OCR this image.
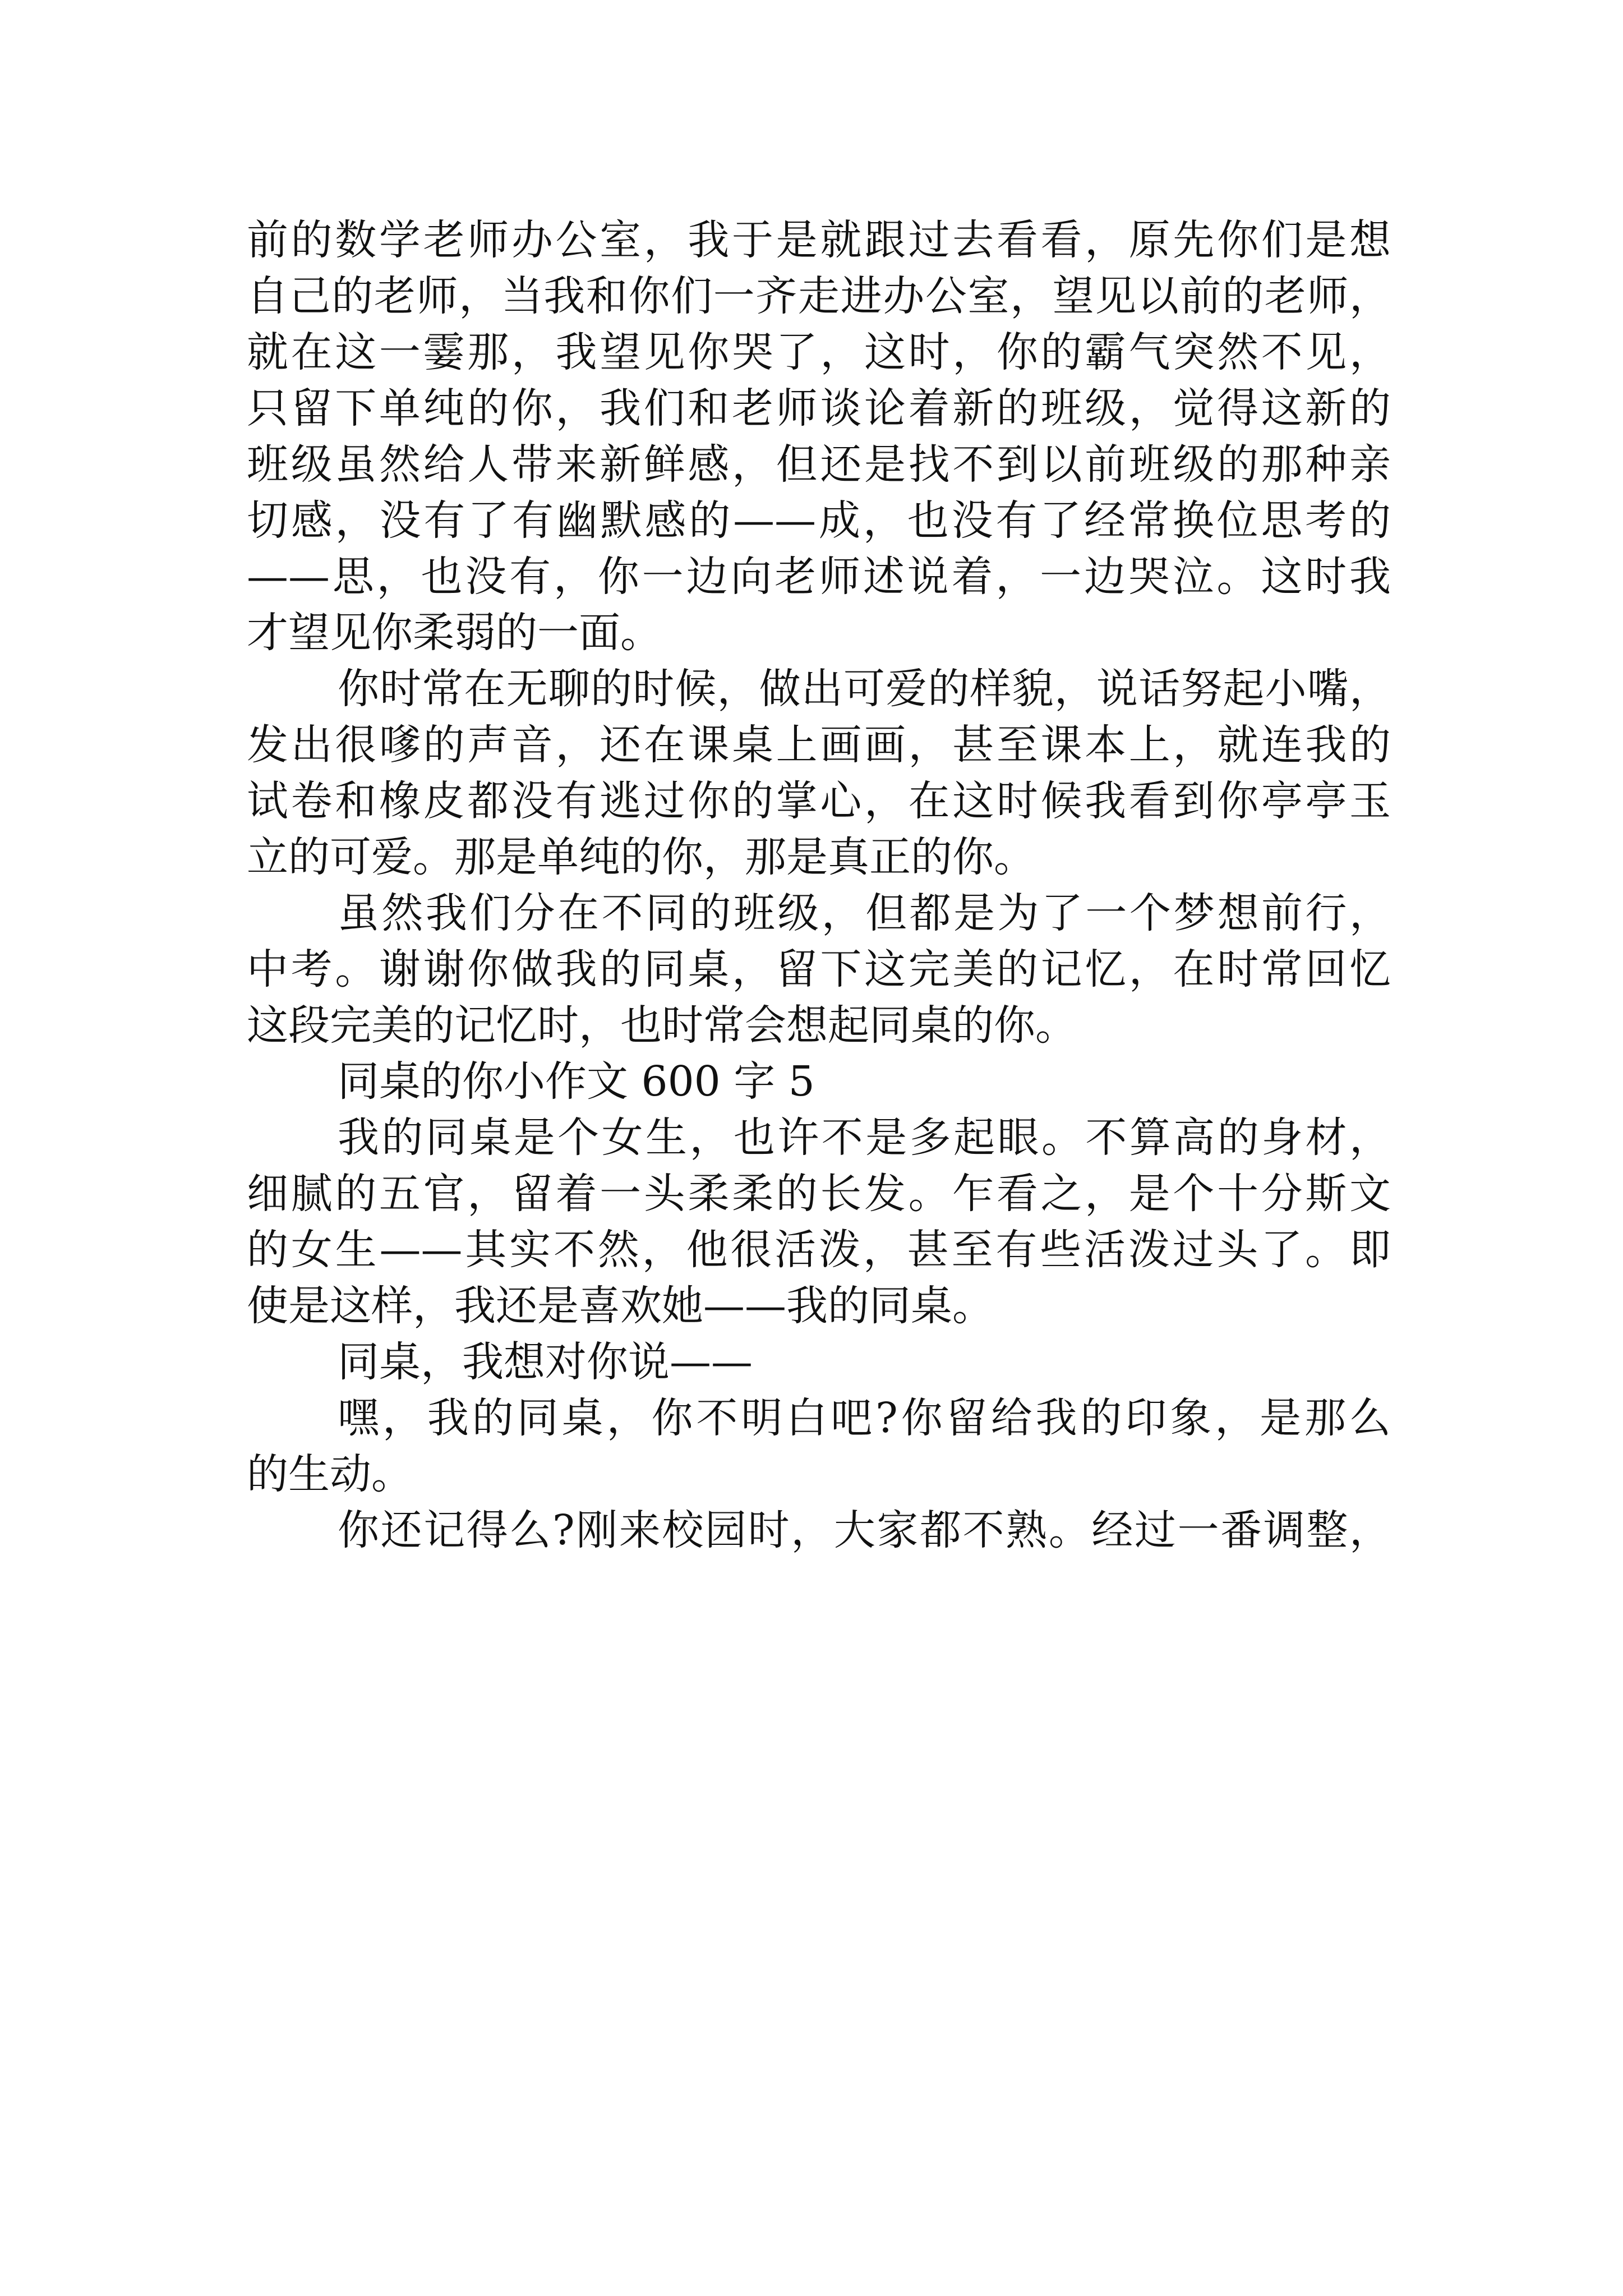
前的数学老师办公室，我于是就跟过去看看，原先你们是想
自己的老师，当我和你们一齐走进办公室，望见以前的老师，
就在这一霎那，我望见你哭了，这时，你的霸气突然不见，
只留下单纯的你，我们和老师谈论着新的班级，觉得这新的
班级虽然给人带来新鲜感，但还是找不到以前班级的那种亲
切感，没有了有幽默感的——成，也没有了经常换位思考的
——思，也没有，你一边向老师述说着，一边哭泣。这时我
才望见你柔弱的一面。
你时常在无聊的时候，做出可爱的样貌，说话努起小嘴，
发出很嗲的声音，还在课桌上画画，甚至课本上，就连我的
试卷和橡皮都没有逃过你的掌心，在这时候我看到你亭亭玉
立的可爱。那是单纯的你，那是真正的你。
虽然我们分在不同的班级，但都是为了一个梦想前行，
中考。谢谢你做我的同桌，留下这完美的记忆，在时常回忆
这段完美的记忆时，也时常会想起同桌的你。
同桌的你小作文 600 字 5
我的同桌是个女生，也许不是多起眼。不算高的身材，
细腻的五官，留着一头柔柔的长发。乍看之，是个十分斯文
的女生——其实不然，他很活泼，甚至有些活泼过头了。即
使是这样，我还是喜欢她——我的同桌。
同桌，我想对你说——
嘿，我的同桌，你不明白吧?你留给我的印象，是那么
的生动。
你还记得么?刚来校园时，大家都不熟。经过一番调整，
